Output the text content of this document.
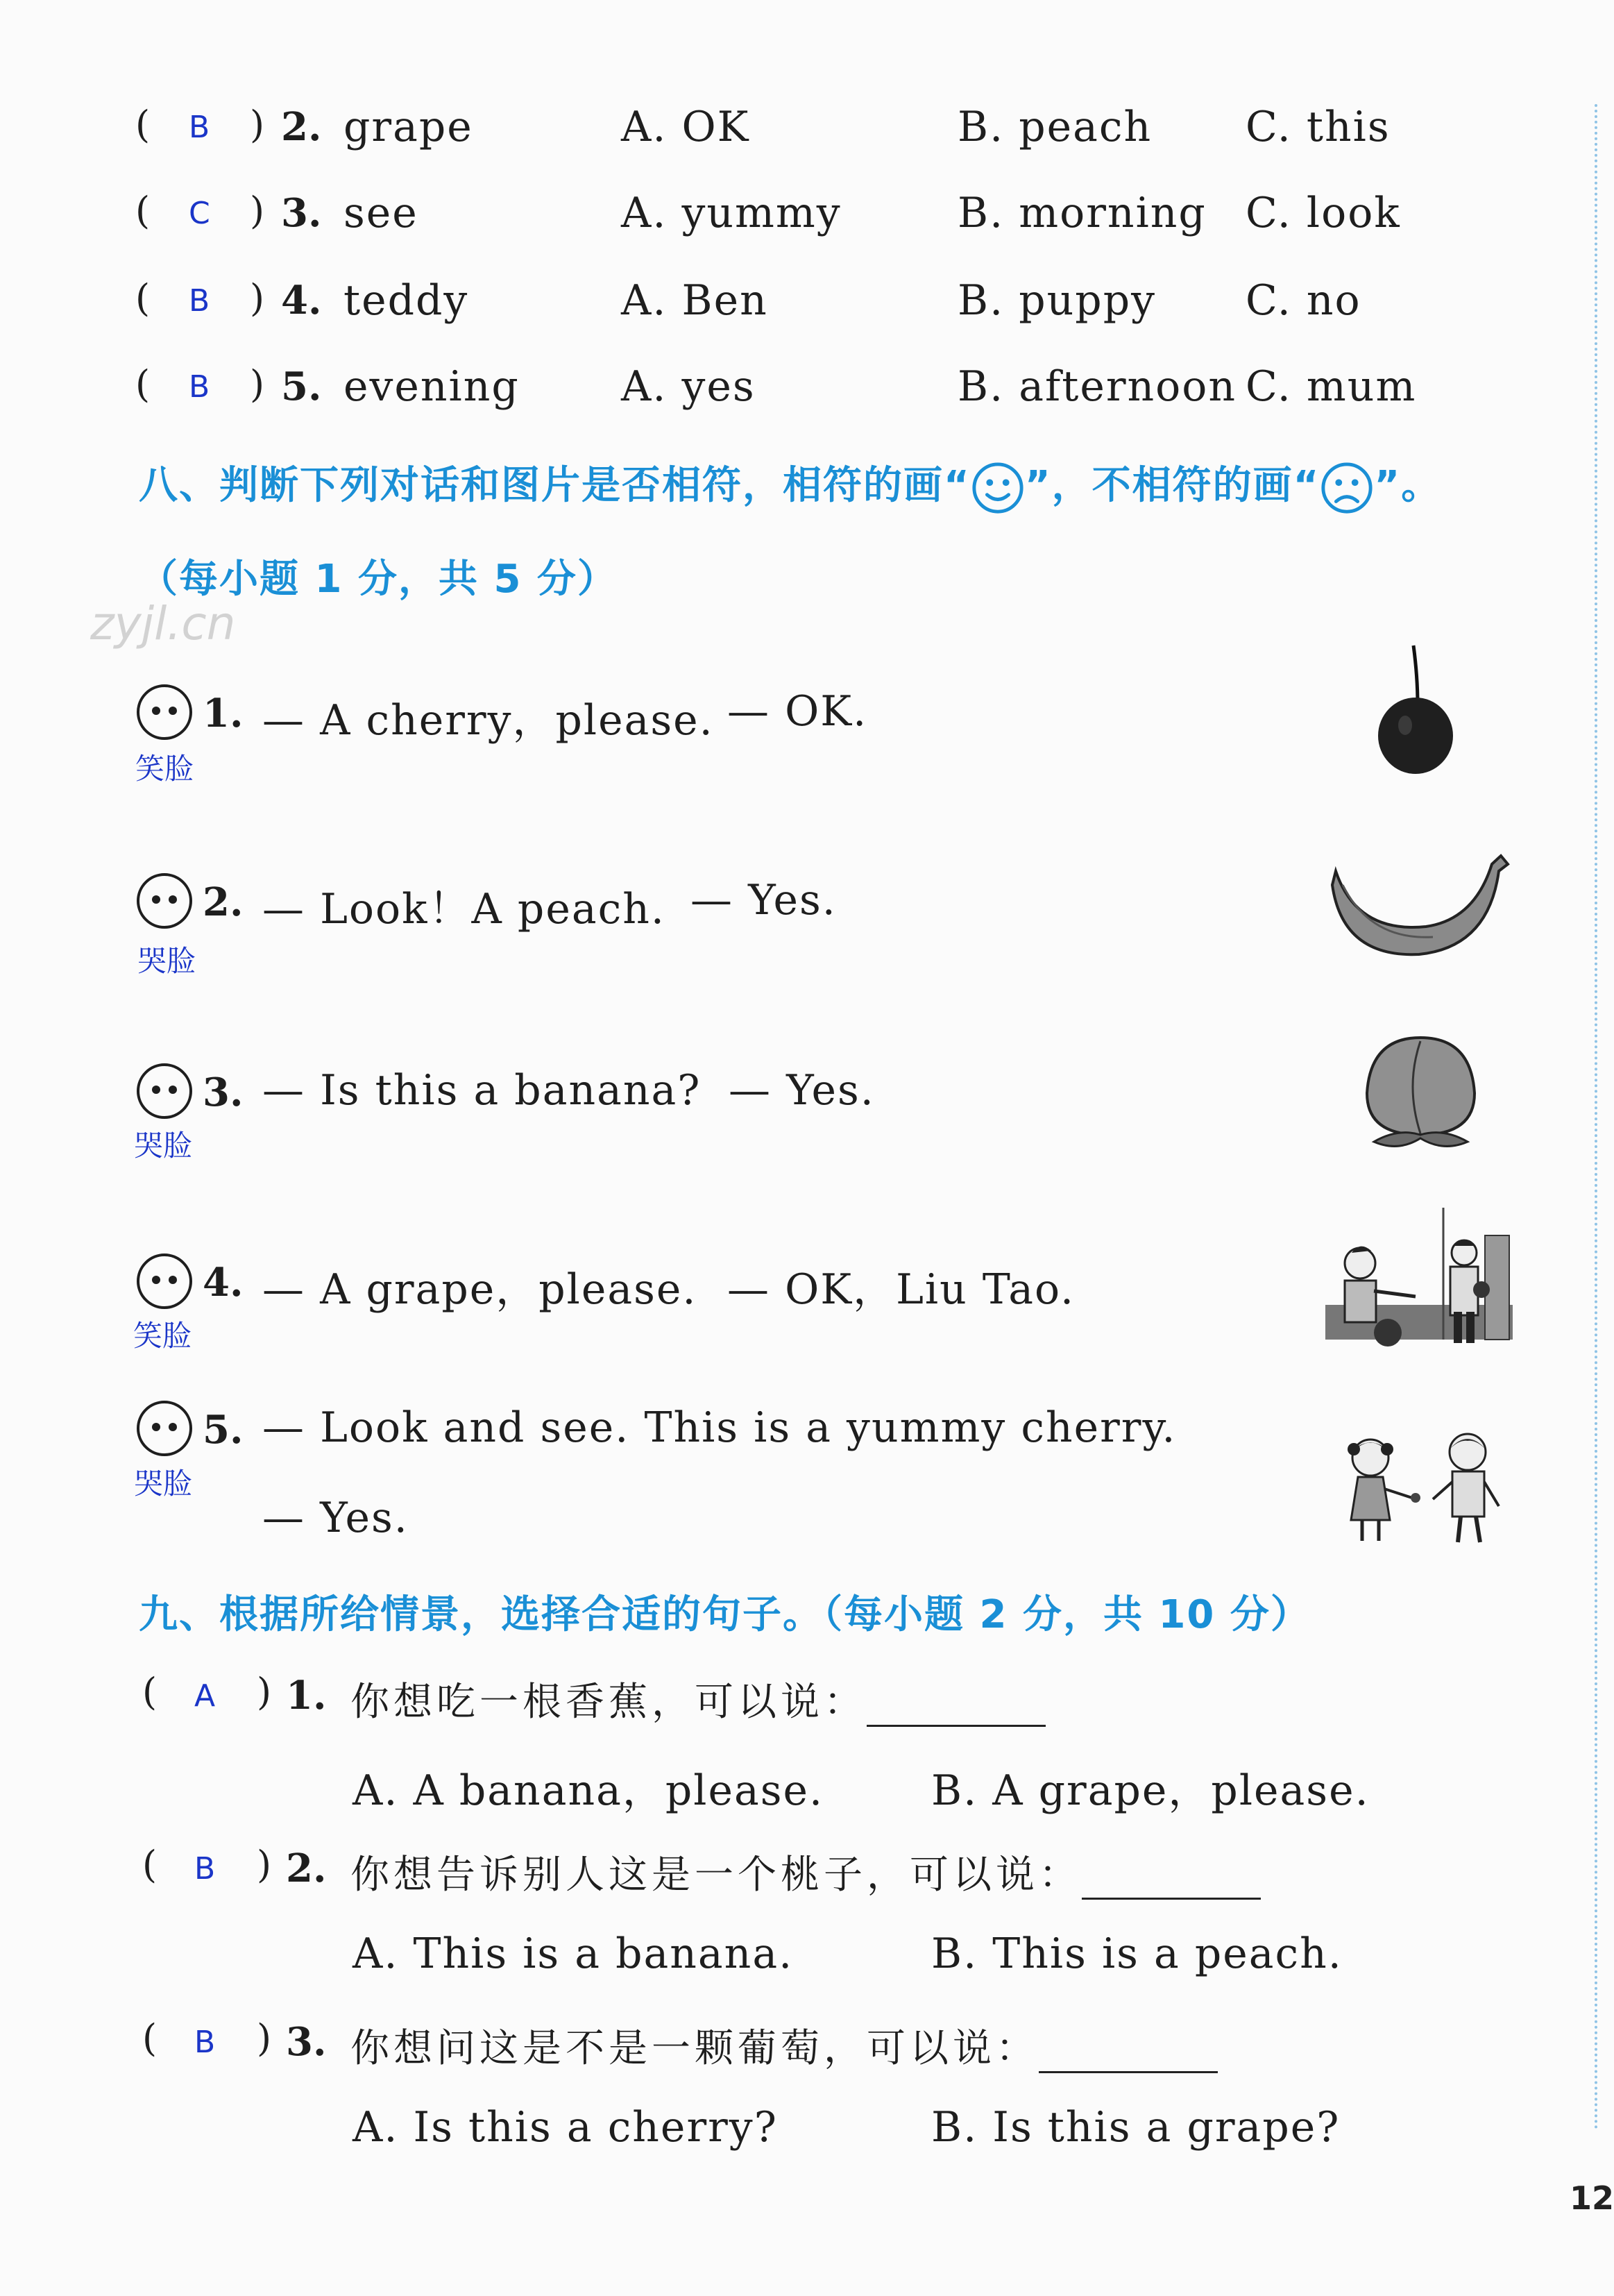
( B ) 2. grape	A. OK	B. peach C. this
( C ) 3. see	A. yummy	B. morning C. look
( B ) 4. teddy	A. Ben	B. puppy C. no
( B ) 5. evening A. yes	B. afternoon C. mum
八、判断下列对话和图片是否相符，相符的画“ ”，不相符的画“ ”。
（每小题 1 分，共 5 分）
zyjl.cn
1.
笑脸
— A cherry，please. — OK.
2.
哭脸
— Look！A peach. — Yes.
3.
哭脸
— Is this a banana? — Yes.
4.
笑脸
— A grape，please. — OK，Liu Tao.
5.
哭脸
— Look and see. This is a yummy cherry.
— Yes.
九、根据所给情景，选择合适的句子。（每小题 2 分，共 10 分）
( A ) 1. 你想吃一根香蕉，可以说：
A. A banana，please.	B. A grape，please.
( B ) 2. 你想告诉别人这是一个桃子，可以说：
A. This is a banana.	B. This is a peach.
( B ) 3. 你想问这是不是一颗葡萄，可以说：
A. Is this a cherry?	B. Is this a grape?
12
